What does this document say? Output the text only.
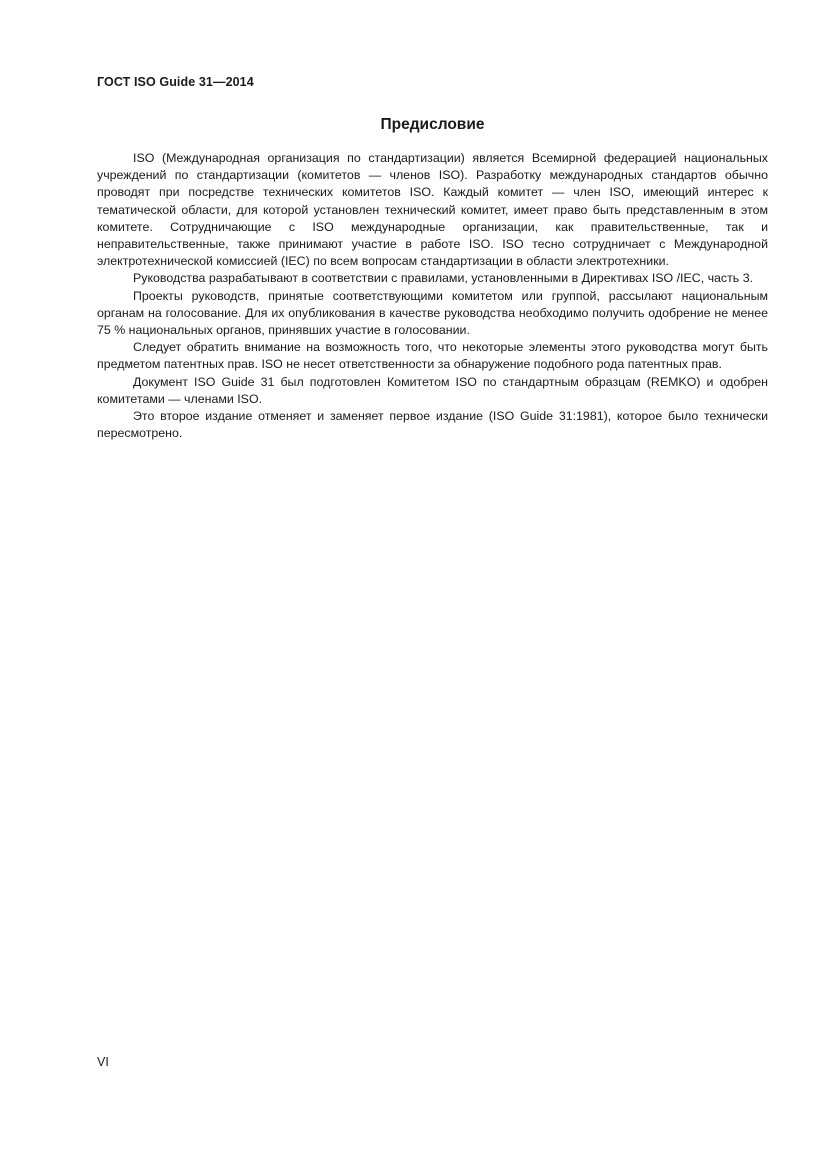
ГОСТ ISO Guide 31—2014
Предисловие

ISO (Международная организация по стандартизации) является Всемирной федерацией национальных учреждений по стандартизации (комитетов — членов ISO). Разработку международных стандартов обычно проводят при посредстве технических комитетов ISO. Каждый комитет — член ISO, имеющий интерес к тематической области, для которой установлен технический комитет, имеет право быть представленным в этом комитете. Сотрудничающие с ISO международные организации, как правительственные, так и неправительственные, также принимают участие в работе ISO. ISO тесно сотрудничает с Международной электротехнической комиссией (IEC) по всем вопросам стандартизации в области электротехники.

Руководства разрабатывают в соответствии с правилами, установленными в Директивах ISO /IEC, часть 3.

Проекты руководств, принятые соответствующими комитетом или группой, рассылают национальным органам на голосование. Для их опубликования в качестве руководства необходимо получить одобрение не менее 75 % национальных органов, принявших участие в голосовании.

Следует обратить внимание на возможность того, что некоторые элементы этого руководства могут быть предметом патентных прав. ISO не несет ответственности за обнаружение подобного рода патентных прав.

Документ ISO Guide 31 был подготовлен Комитетом ISO по стандартным образцам (REMKO) и одобрен комитетами — членами ISO.

Это второе издание отменяет и заменяет первое издание (ISO Guide 31:1981), которое было технически пересмотрено.

VI
